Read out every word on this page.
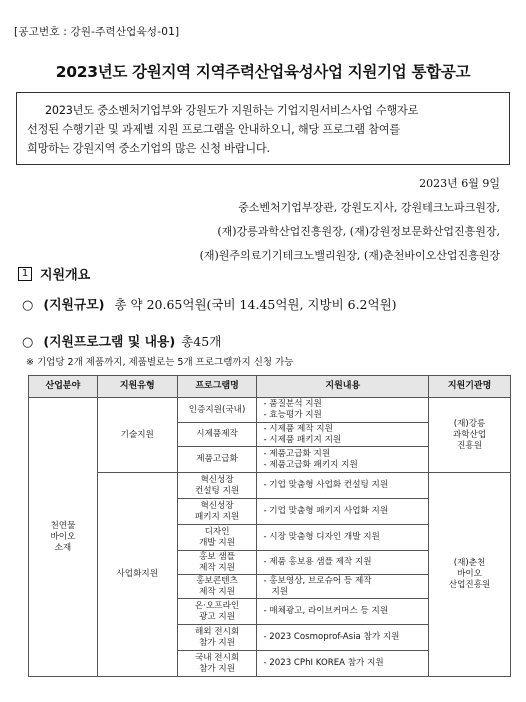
[공고번호 : 강원-주력산업육성-01]
2023년도 강원지역 지역주력산업육성사업 지원기업 통합공고
2023년도 중소벤처기업부와 강원도가 지원하는 기업지원서비스사업 수행자로
선정된 수행기관 및 과제별 지원 프로그램을 안내하오니, 해당 프로그램 참여를
희망하는 강원지역 중소기업의 많은 신청 바랍니다.
2023년 6월 9일
중소벤처기업부장관, 강원도지사, 강원테크노파크원장,
(재)강릉과학산업진흥원장, (재)강원정보문화산업진흥원장,
(재)원주의료기기테크노밸리원장, (재)춘천바이오산업진흥원장
1 지원개요
○ (지원규모) 총 약 20.65억원(국비 14.45억원, 지방비 6.2억원)
○ (지원프로그램 및 내용) 총45개
※ 기업당 2개 제품까지, 제품별로는 5개 프로그램까지 신청 가능
산업분야	지원유형	프로그램명	지원내용	지원기관명

천연물
바이오
소재	기술지원	인증지원(국내)	- 품질분석 지원
- 효능평가 지원	(재)강릉
과학산업
진흥원

		시제품제작	- 시제품 제작 지원
- 시제품 패키지 지원	

		제품고급화	- 제품고급화 지원
- 제품고급화 패키지 지원	

	사업화지원	혁신성장
컨설팅 지원	- 기업 맞춤형 사업화 컨설팅 지원	(재)춘천
바이오
산업진흥원

		혁신성장
패키지 지원	- 기업 맞춤형 패키지 사업화 지원	

		디자인
개발 지원	- 시장 맞춤형 디자인 개발 지원	

		홍보 샘플
제작 지원	- 제품 홍보용 샘플 제작 지원	

		홍보콘텐츠
제작 지원	- 홍보영상, 브로슈어 등 제작
지원	

		온·오프라인
광고 지원	- 매체광고, 라이브커머스 등 지원	

		해외 전시회
참가 지원	- 2023 Cosmoprof-Asia 참가 지원	

		국내 전시회
참가 지원	- 2023 CPhI KOREA 참가 지원	
